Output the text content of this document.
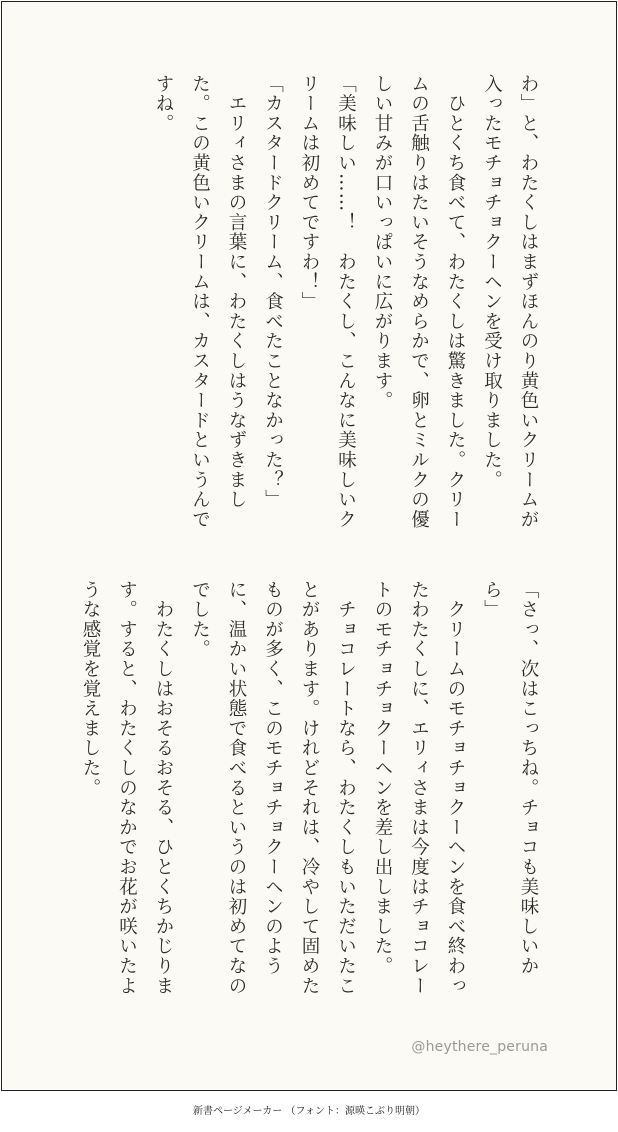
わ」と、わたくしはまずほんのり黄色いクリームが入ったモチョチョクーヘンを受け取りました。
　ひとくち食べて、わたくしは驚きました。クリームの舌触りはたいそうなめらかで、卵とミルクの優しい甘みが口いっぱいに広がります。
「美味しい……！　わたくし、こんなに美味しいクリームは初めてですわ！」
「カスタードクリーム、食べたことなかった？」
　エリィさまの言葉に、わたくしはうなずきました。この黄色いクリームは、カスタードというんですね。
「さっ、次はこっちね。チョコも美味しいから」
　クリームのモチョチョクーヘンを食べ終わったわたくしに、エリィさまは今度はチョコレートのモチョチョクーヘンを差し出しました。
　チョコレートなら、わたくしもいただいたことがあります。けれどそれは、冷やして固めたものが多く、このモチョチョクーヘンのように、温かい状態で食べるというのは初めてなのでした。
　わたくしはおそるおそる、ひとくちかじります。すると、わたくしのなかでお花が咲いたような感覚を覚えました。
@heythere_peruna
新書ページメーカー （フォント：源暎こぶり明朝）
